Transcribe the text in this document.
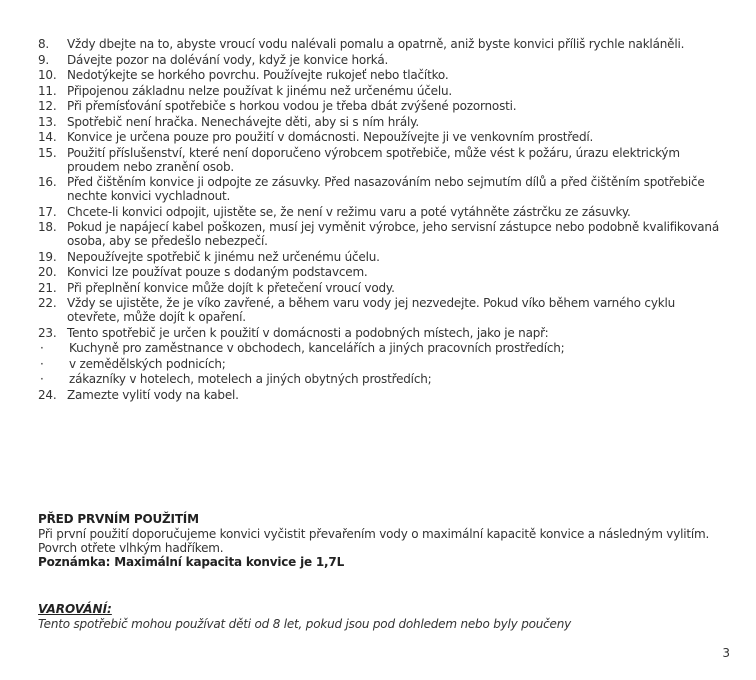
8.	Vždy dbejte na to, abyste vroucí vodu nalévali pomalu a opatrně, aniž byste konvici příliš rychle nakláněli.
9.	Dávejte pozor na dolévání vody, když je konvice horká.
10. Nedotýkejte se horkého povrchu. Používejte rukojeť nebo tlačítko.
11. Připojenou základnu nelze používat k jinému než určenému účelu.
12. Při přemísťování spotřebiče s horkou vodou je třeba dbát zvýšené pozornosti.
13. Spotřebič není hračka. Nenechávejte děti, aby si s ním hrály.
14. Konvice je určena pouze pro použití v domácnosti. Nepoužívejte ji ve venkovním prostředí.
15. Použití příslušenství, které není doporučeno výrobcem spotřebiče, může vést k požáru, úrazu elektrickým proudem nebo zranění osob.
16. Před čištěním konvice ji odpojte ze zásuvky. Před nasazováním nebo sejmutím dílů a před čištěním spotřebiče nechte konvici vychladnout.
17. Chcete-li konvici odpojit, ujistěte se, že není v režimu varu a poté vytáhněte zástrčku ze zásuvky.
18. Pokud je napájecí kabel poškozen, musí jej vyměnit výrobce, jeho servisní zástupce nebo podobně kvalifikovaná osoba, aby se předešlo nebezpečí.
19. Nepoužívejte spotřebič k jinému než určenému účelu.
20. Konvici lze používat pouze s dodaným podstavcem.
21. Při přeplnění konvice může dojít k přetečení vroucí vody.
22. Vždy se ujistěte, že je víko zavřené, a během varu vody jej nezvedejte. Pokud víko během varného cyklu otevřete, může dojít k opaření.
23. Tento spotřebič je určen k použití v domácnosti a podobných místech, jako je např:
·	Kuchyně pro zaměstnance v obchodech, kancelářích a jiných pracovních prostředích;
·	v zemědělských podnicích;
·	zákazníky v hotelech, motelech a jiných obytných prostředích;
24. Zamezte vylití vody na kabel.
PŘED PRVNÍM POUŽITÍM
Při první použití doporučujeme konvici vyčistit převařením vody o maximální kapacitě konvice a následným vylitím. Povrch otřete vlhkým hadříkem.
Poznámka: Maximální kapacita konvice je 1,7L
VAROVÁNÍ:
Tento spotřebič mohou používat děti od 8 let, pokud jsou pod dohledem nebo byly poučeny
3
